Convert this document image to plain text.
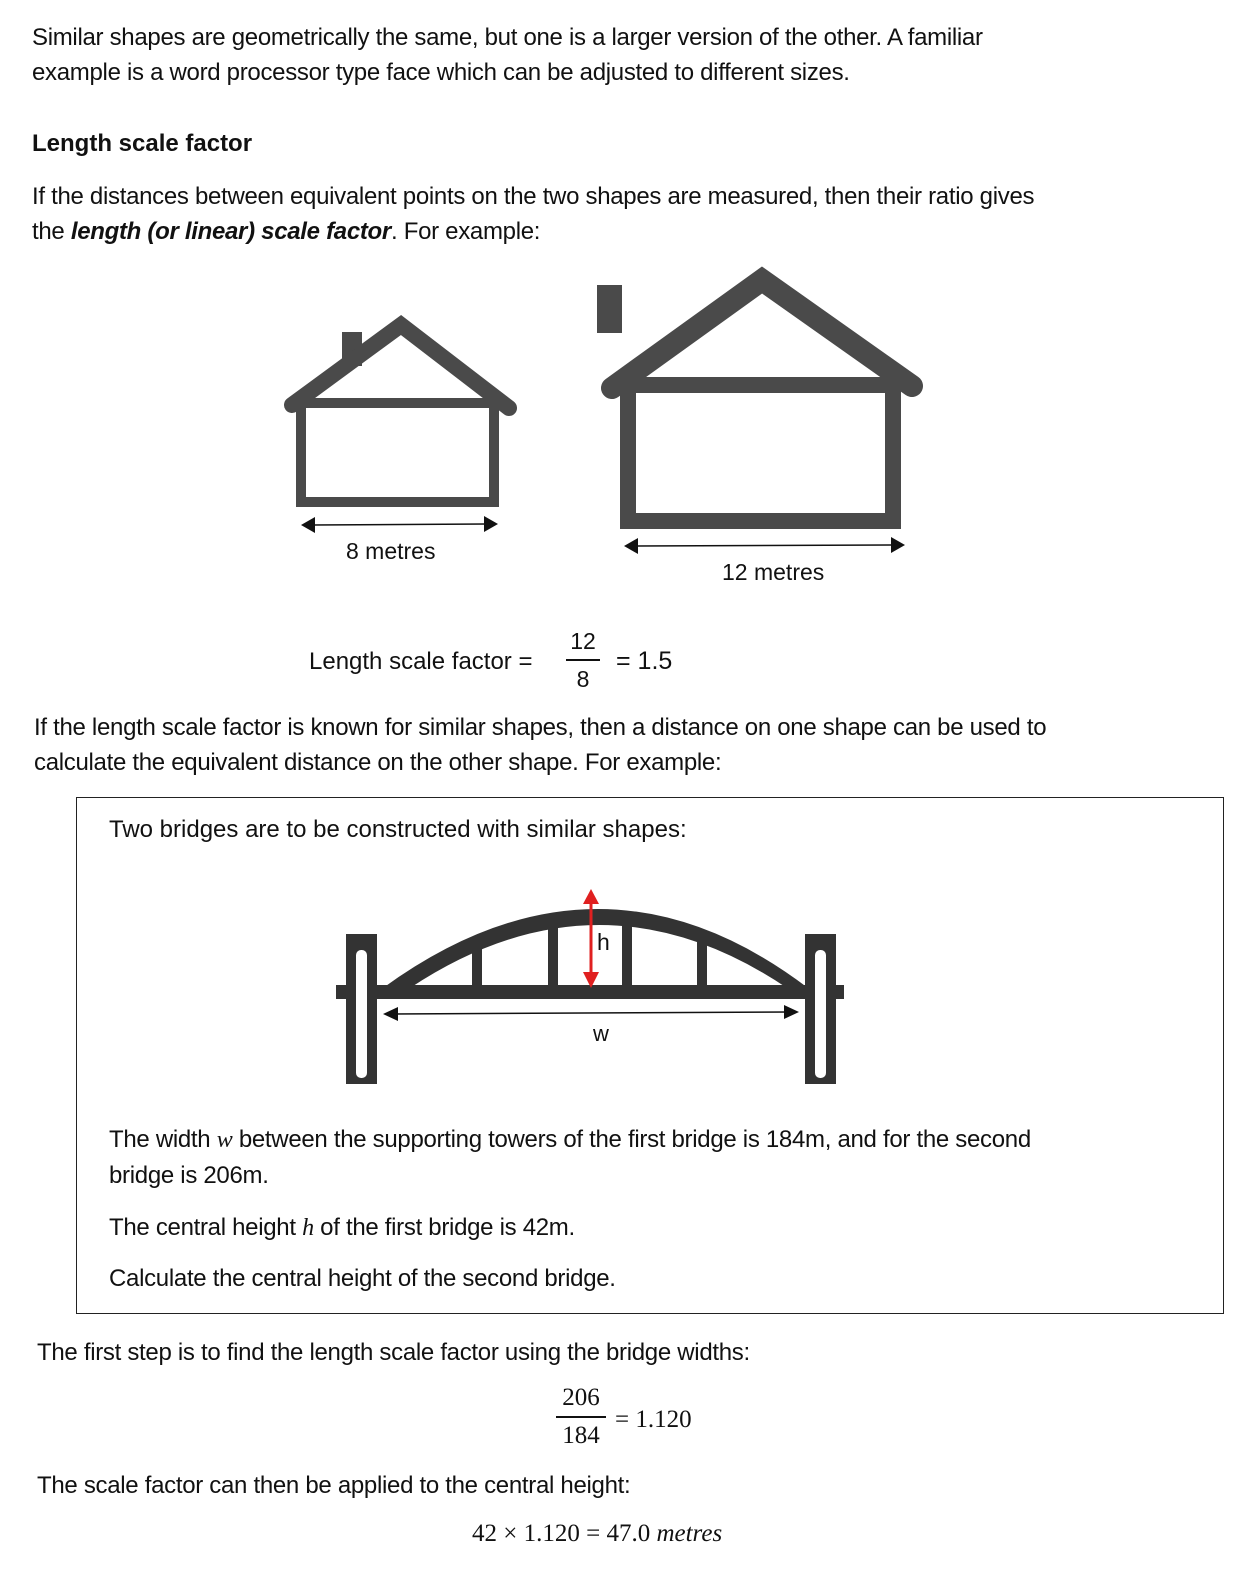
Similar shapes are geometrically the same, but one is a larger version of the other. A familiar
example is a word processor type face which can be adjusted to different sizes.
Length scale factor
If the distances between equivalent points on the two shapes are measured, then their ratio gives
the length (or linear) scale factor. For example:
8 metres
12 metres
Length scale factor =
12
8
= 1.5
If the length scale factor is known for similar shapes, then a distance on one shape can be used to
calculate the equivalent distance on the other shape. For example:
Two bridges are to be constructed with similar shapes:
h
w
The width w between the supporting towers of the first bridge is 184m, and for the second
bridge is 206m.
The central height h of the first bridge is 42m.
Calculate the central height of the second bridge.
The first step is to find the length scale factor using the bridge widths:
206
184
= 1.120
The scale factor can then be applied to the central height:
42 × 1.120 = 47.0 metres
